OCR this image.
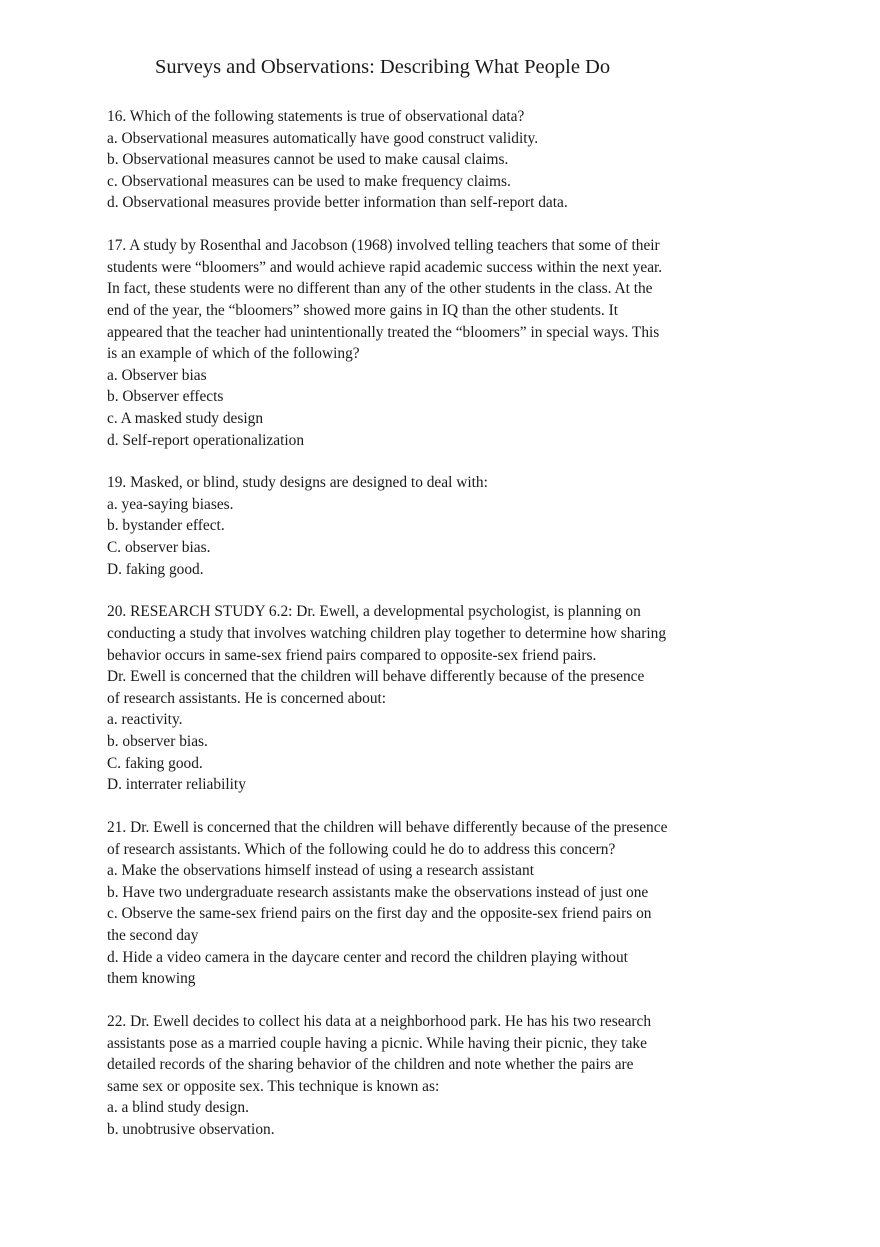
Surveys and Observations: Describing What People Do
16. Which of the following statements is true of observational data?
a. Observational measures automatically have good construct validity.
b. Observational measures cannot be used to make causal claims.
c. Observational measures can be used to make frequency claims.
d. Observational measures provide better information than self-report data.
17. A study by Rosenthal and Jacobson (1968) involved telling teachers that some of their
students were “bloomers” and would achieve rapid academic success within the next year.
In fact, these students were no different than any of the other students in the class. At the
end of the year, the “bloomers” showed more gains in IQ than the other students. It
appeared that the teacher had unintentionally treated the “bloomers” in special ways. This
is an example of which of the following?
a. Observer bias
b. Observer effects
c. A masked study design
d. Self-report operationalization
19. Masked, or blind, study designs are designed to deal with:
a. yea-saying biases.
b. bystander effect.
C. observer bias.
D. faking good.
20. RESEARCH STUDY 6.2: Dr. Ewell, a developmental psychologist, is planning on
conducting a study that involves watching children play together to determine how sharing
behavior occurs in same-sex friend pairs compared to opposite-sex friend pairs.
Dr. Ewell is concerned that the children will behave differently because of the presence
of research assistants. He is concerned about:
a. reactivity.
b. observer bias.
C. faking good.
D. interrater reliability
21. Dr. Ewell is concerned that the children will behave differently because of the presence
of research assistants. Which of the following could he do to address this concern?
a. Make the observations himself instead of using a research assistant
b. Have two undergraduate research assistants make the observations instead of just one
c. Observe the same-sex friend pairs on the first day and the opposite-sex friend pairs on
the second day
d. Hide a video camera in the daycare center and record the children playing without
them knowing
22. Dr. Ewell decides to collect his data at a neighborhood park. He has his two research
assistants pose as a married couple having a picnic. While having their picnic, they take
detailed records of the sharing behavior of the children and note whether the pairs are
same sex or opposite sex. This technique is known as:
a. a blind study design.
b. unobtrusive observation.
